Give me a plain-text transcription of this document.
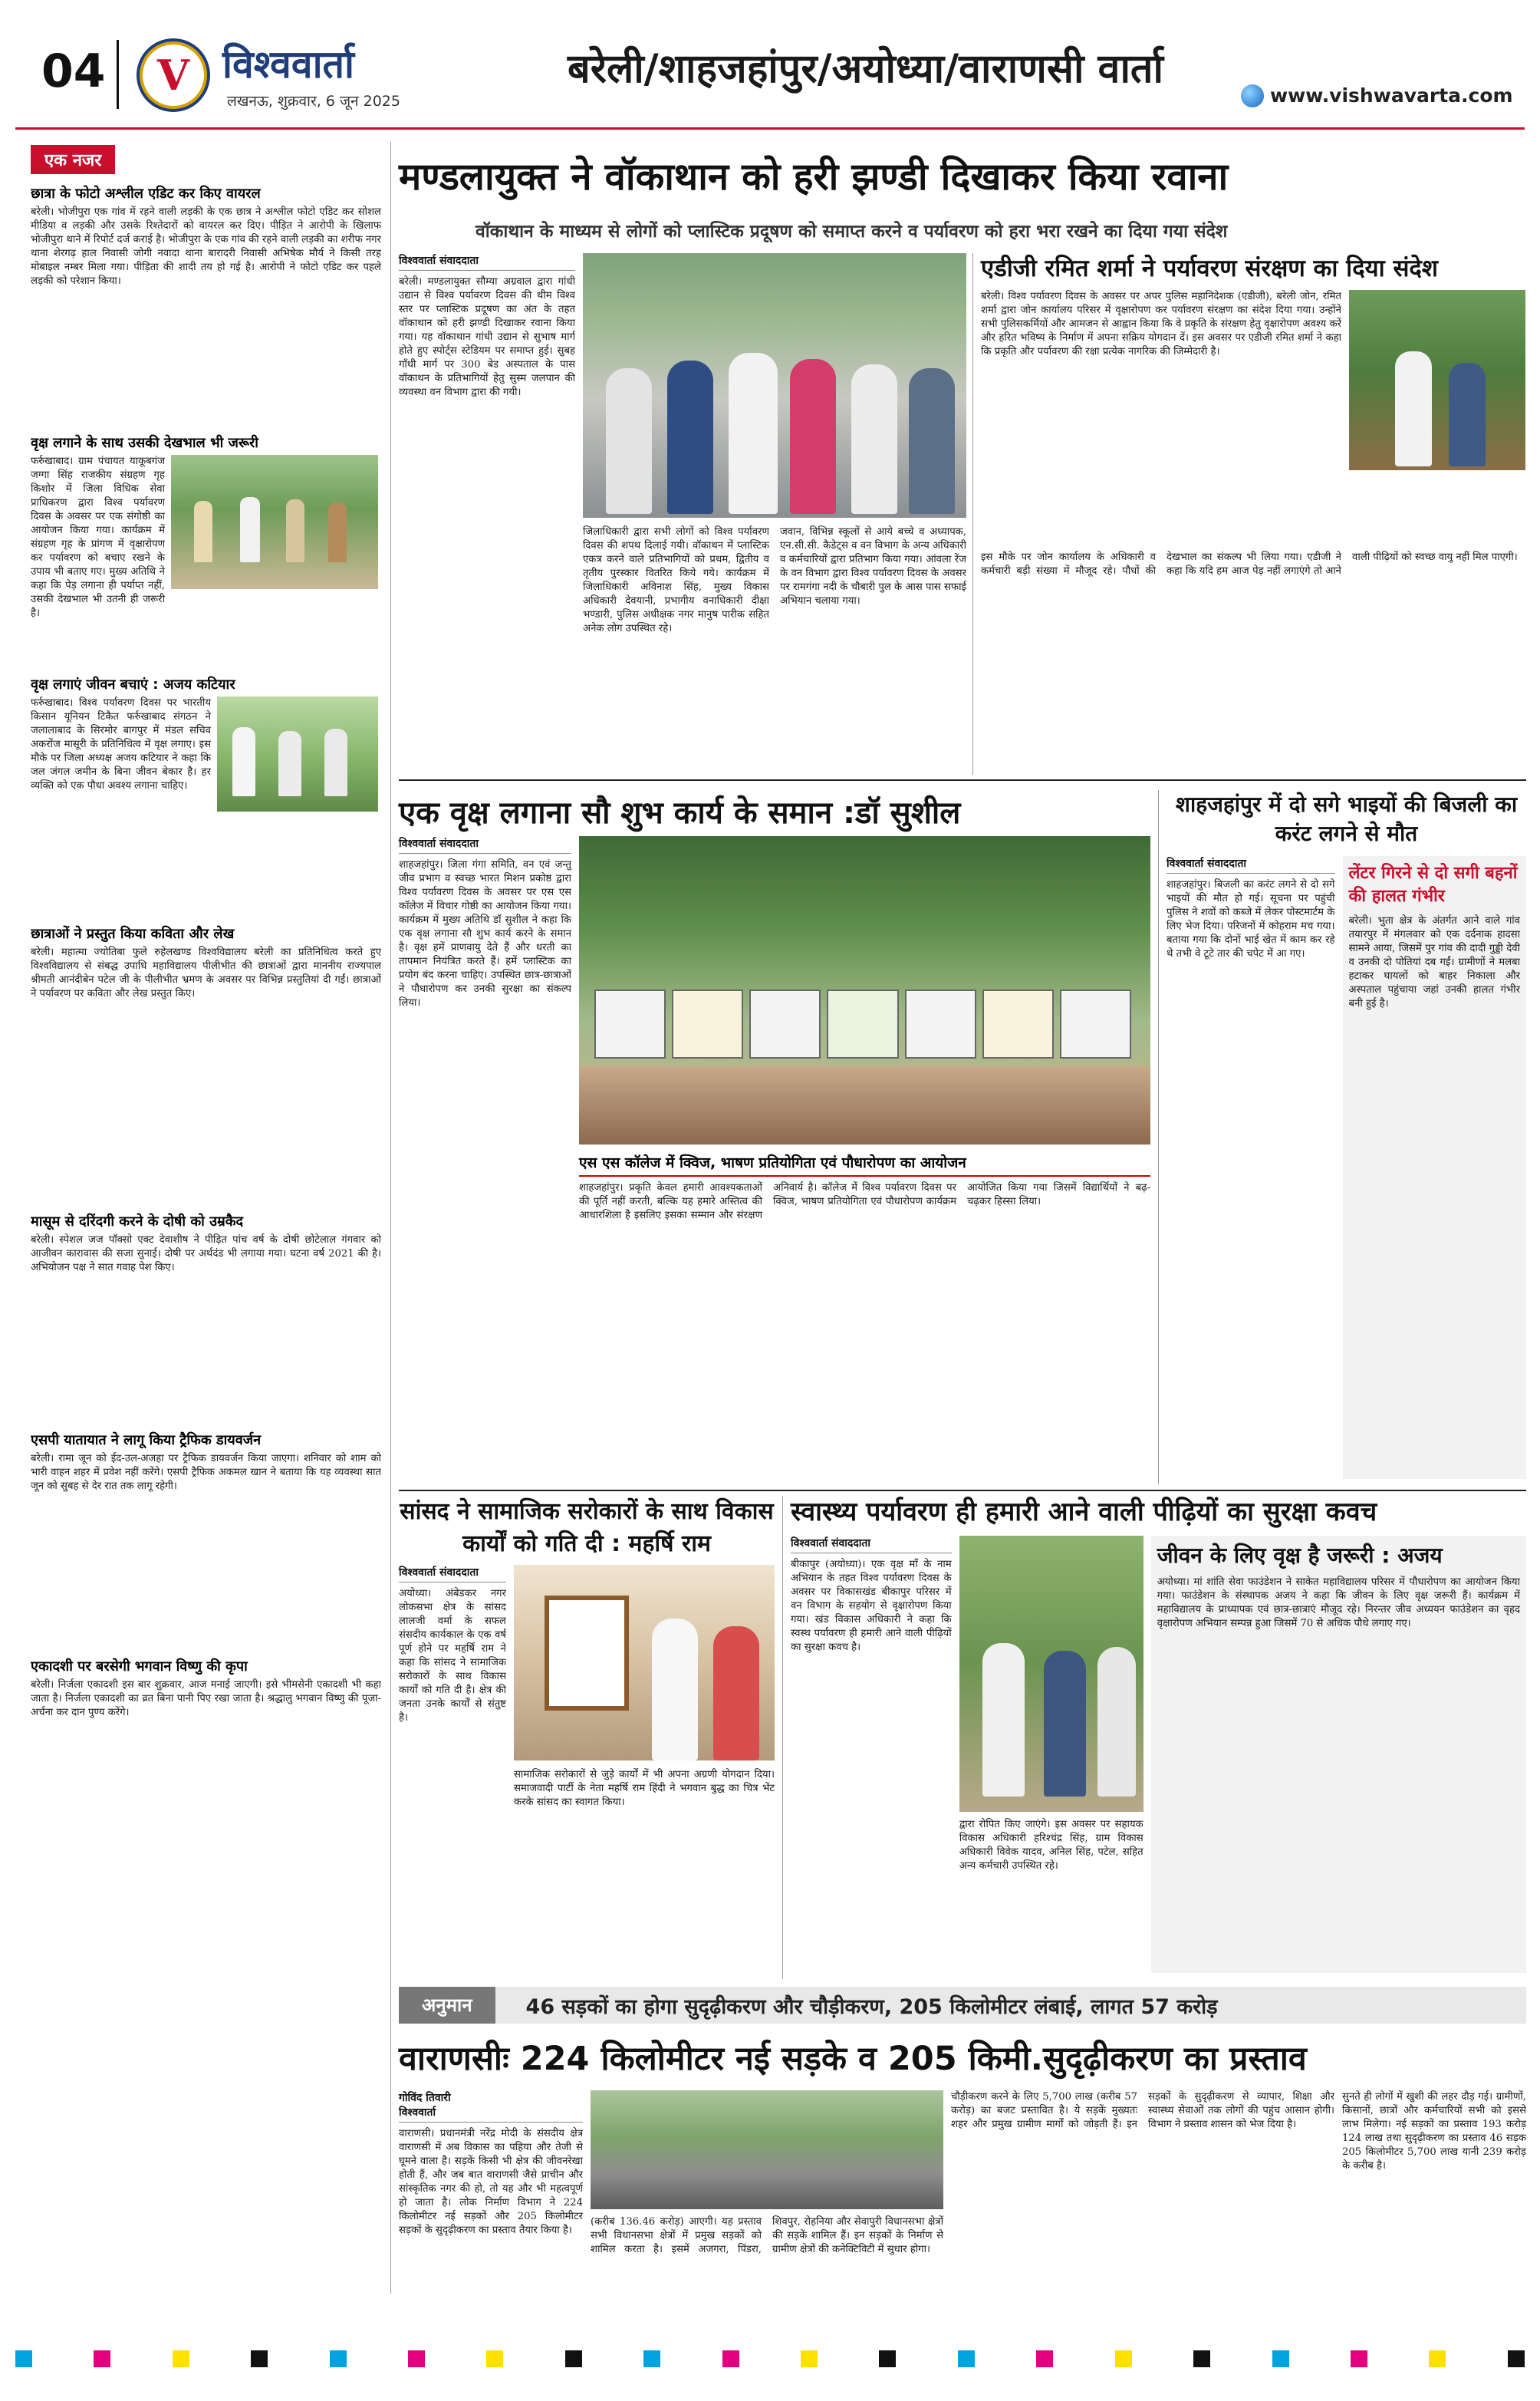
04 V विश्ववार्ता
लखनऊ, शुक्रवार, 6 जून 2025
बरेली/शाहजहांपुर/अयोध्या/वाराणसी वार्ता
www.vishwavarta.com
एक नजर
छात्रा के फोटो अश्लील एडिट कर किए वायरल
बरेली। भोजीपुरा एक गांव में रहने वाली लड़की के एक छात्र ने अश्लील फोटो एडिट कर सोशल मीडिया व लड़की और उसके रिश्तेदारों को वायरल कर दिए। पीड़ित ने आरोपी के खिलाफ भोजीपुरा थाने में रिपोर्ट दर्ज कराई है। भोजीपुरा के एक गांव की रहने वाली लड़की का शरीफ नगर थाना शेरगढ़ हाल निवासी जोगी नवादा थाना बारादरी निवासी अभिषेक मौर्य ने किसी तरह मोबाइल नम्बर मिला गया। पीड़िता की शादी तय हो गई है। आरोपी ने फोटो एडिट कर पहले लड़की को परेशान किया।
वृक्ष लगाने के साथ उसकी देखभाल भी जरूरी
फर्रुखाबाद। ग्राम पंचायत याकूबगंज जग्गा सिंह राजकीय संग्रहण गृह किशोर में जिला विधिक सेवा प्राधिकरण द्वारा विश्व पर्यावरण दिवस के अवसर पर एक संगोष्ठी का आयोजन किया गया। कार्यक्रम में संग्रहण गृह के प्रांगण में वृक्षारोपण कर पर्यावरण को बचाए रखने के उपाय भी बताए गए। मुख्य अतिथि ने कहा कि पेड़ लगाना ही पर्याप्त नहीं, उसकी देखभाल भी उतनी ही जरूरी है।
वृक्ष लगाएं जीवन बचाएं : अजय कटियार
फर्रुखाबाद। विश्व पर्यावरण दिवस पर भारतीय किसान यूनियन टिकैत फर्रुखाबाद संगठन ने जलालाबाद के सिरमोर बागपुर में मंडल सचिव अकरोंज मासूरी के प्रतिनिधित्व में वृक्ष लगाए। इस मौके पर जिला अध्यक्ष अजय कटियार ने कहा कि जल जंगल जमीन के बिना जीवन बेकार है। हर व्यक्ति को एक पौधा अवश्य लगाना चाहिए।
छात्राओं ने प्रस्तुत किया कविता और लेख
बरेली। महात्मा ज्योतिबा फुले रुहेलखण्ड विश्वविद्यालय बरेली का प्रतिनिधित्व करते हुए विश्वविद्यालय से संबद्ध उपाधि महाविद्यालय पीलीभीत की छात्राओं द्वारा माननीय राज्यपाल श्रीमती आनंदीबेन पटेल जी के पीलीभीत भ्रमण के अवसर पर विभिन्न प्रस्तुतियां दी गईं। छात्राओं ने पर्यावरण पर कविता और लेख प्रस्तुत किए।
मासूम से दरिंदगी करने के दोषी को उम्रकैद
बरेली। स्पेशल जज पॉक्सो एक्ट देवाशीष ने पीड़ित पांच वर्ष के दोषी छोटेलाल गंगवार को आजीवन कारावास की सजा सुनाई। दोषी पर अर्थदंड भी लगाया गया। घटना वर्ष 2021 की है। अभियोजन पक्ष ने सात गवाह पेश किए।
एसपी यातायात ने लागू किया ट्रैफिक डायवर्जन
बरेली। रामा जून को ईद-उल-अजहा पर ट्रैफिक डायवर्जन किया जाएगा। शनिवार को शाम को भारी वाहन शहर में प्रवेश नहीं करेंगे। एसपी ट्रैफिक अकमल खान ने बताया कि यह व्यवस्था सात जून को सुबह से देर रात तक लागू रहेगी।
एकादशी पर बरसेगी भगवान विष्णु की कृपा
बरेली। निर्जला एकादशी इस बार शुक्रवार, आज मनाई जाएगी। इसे भीमसेनी एकादशी भी कहा जाता है। निर्जला एकादशी का व्रत बिना पानी पिए रखा जाता है। श्रद्धालु भगवान विष्णु की पूजा-अर्चना कर दान पुण्य करेंगे।
मण्डलायुक्त ने वॉकाथान को हरी झण्डी दिखाकर किया रवाना
वॉकाथान के माध्यम से लोगों को प्लास्टिक प्रदूषण को समाप्त करने व पर्यावरण को हरा भरा रखने का दिया गया संदेश
विश्ववार्ता संवाददाता
बरेली। मण्डलायुक्त सौम्या अग्रवाल द्वारा गांधी उद्यान से विश्व पर्यावरण दिवस की थीम विश्व स्तर पर प्लास्टिक प्रदूषण का अंत के तहत वॉकाथान को हरी झण्डी दिखाकर रवाना किया गया। यह वॉकाथान गांधी उद्यान से सुभाष मार्ग होते हुए स्पोर्ट्स स्टेडियम पर समाप्त हुई। सुबह गाँधी मार्ग पर 300 बेड अस्पताल के पास वॉकाथन के प्रतिभागियों हेतु सुस्म जलपान की व्यवस्था वन विभाग द्वारा की गयी।
जिलाधिकारी द्वारा सभी लोगों को विश्व पर्यावरण दिवस की शपथ दिलाई गयी। वॉकाथन में प्लास्टिक एकत्र करने वाले प्रतिभागियों को प्रथम, द्वितीय व तृतीय पुरस्कार वितरित किये गये। कार्यक्रम में जिलाधिकारी अविनाश सिंह, मुख्य विकास अधिकारी देवयानी, प्रभागीय वनाधिकारी दीक्षा भण्डारी, पुलिस अधीक्षक नगर मानुष पारीक सहित अनेक लोग उपस्थित रहे।
जवान, विभिन्न स्कूलों से आये बच्चे व अध्यापक, एन.सी.सी. कैडेट्स व वन विभाग के अन्य अधिकारी व कर्मचारियों द्वारा प्रतिभाग किया गया। आंवला रेंज के वन विभाग द्वारा विश्व पर्यावरण दिवस के अवसर पर रामगंगा नदी के चौबारी पुल के आस पास सफाई अभियान चलाया गया।
एडीजी रमित शर्मा ने पर्यावरण संरक्षण का दिया संदेश
बरेली। विश्व पर्यावरण दिवस के अवसर पर अपर पुलिस महानिदेशक (एडीजी), बरेली जोन, रमित शर्मा द्वारा जोन कार्यालय परिसर में वृक्षारोपण कर पर्यावरण संरक्षण का संदेश दिया गया। उन्होंने सभी पुलिसकर्मियों और आमजन से आह्वान किया कि वे प्रकृति के संरक्षण हेतु वृक्षारोपण अवश्य करें और हरित भविष्य के निर्माण में अपना सक्रिय योगदान दें। इस अवसर पर एडीजी रमित शर्मा ने कहा कि प्रकृति और पर्यावरण की रक्षा प्रत्येक नागरिक की जिम्मेदारी है।
इस मौके पर जोन कार्यालय के अधिकारी व कर्मचारी बड़ी संख्या में मौजूद रहे। पौधों की देखभाल का संकल्प भी लिया गया। एडीजी ने कहा कि यदि हम आज पेड़ नहीं लगाएंगे तो आने वाली पीढ़ियों को स्वच्छ वायु नहीं मिल पाएगी।
एक वृक्ष लगाना सौ शुभ कार्य के समान :डॉ सुशील
विश्ववार्ता संवाददाता
शाहजहांपुर। जिला गंगा समिति, वन एवं जन्तु जीव प्रभाग व स्वच्छ भारत मिशन प्रकोष्ठ द्वारा विश्व पर्यावरण दिवस के अवसर पर एस एस कॉलेज में विचार गोष्ठी का आयोजन किया गया। कार्यक्रम में मुख्य अतिथि डॉ सुशील ने कहा कि एक वृक्ष लगाना सौ शुभ कार्य करने के समान है। वृक्ष हमें प्राणवायु देते हैं और धरती का तापमान नियंत्रित करते हैं। हमें प्लास्टिक का प्रयोग बंद करना चाहिए। उपस्थित छात्र-छात्राओं ने पौधारोपण कर उनकी सुरक्षा का संकल्प लिया।
एस एस कॉलेज में क्विज, भाषण प्रतियोगिता एवं पौधारोपण का आयोजन
शाहजहांपुर। प्रकृति केवल हमारी आवश्यकताओं की पूर्ति नहीं करती, बल्कि यह हमारे अस्तित्व की आधारशिला है इसलिए इसका सम्मान और संरक्षण अनिवार्य है। कॉलेज में विश्व पर्यावरण दिवस पर क्विज, भाषण प्रतियोगिता एवं पौधारोपण कार्यक्रम आयोजित किया गया जिसमें विद्यार्थियों ने बढ़-चढ़कर हिस्सा लिया।
शाहजहांपुर में दो सगे भाइयों की बिजली का करंट लगने से मौत
विश्ववार्ता संवाददाता
शाहजहांपुर। बिजली का करंट लगने से दो सगे भाइयों की मौत हो गई। सूचना पर पहुंची पुलिस ने शवों को कब्जे में लेकर पोस्टमार्टम के लिए भेज दिया। परिजनों में कोहराम मच गया। बताया गया कि दोनों भाई खेत में काम कर रहे थे तभी वे टूटे तार की चपेट में आ गए।
लेंटर गिरने से दो सगी बहनों की हालत गंभीर
बरेली। भुता क्षेत्र के अंतर्गत आने वाले गांव तयारपुर में मंगलवार को एक दर्दनाक हादसा सामने आया, जिसमें पुर गांव की दादी गुड्डी देवी व उनकी दो पोतियां दब गईं। ग्रामीणों ने मलबा हटाकर घायलों को बाहर निकाला और अस्पताल पहुंचाया जहां उनकी हालत गंभीर बनी हुई है।
सांसद ने सामाजिक सरोकारों के साथ विकास कार्यों को गति दी : महर्षि राम
विश्ववार्ता संवाददाता
अयोध्या। अंबेडकर नगर लोकसभा क्षेत्र के सांसद लालजी वर्मा के सफल संसदीय कार्यकाल के एक वर्ष पूर्ण होने पर महर्षि राम ने कहा कि सांसद ने सामाजिक सरोकारों के साथ विकास कार्यों को गति दी है। क्षेत्र की जनता उनके कार्यों से संतुष्ट है।
सामाजिक सरोकारों से जुड़े कार्यों में भी अपना अग्रणी योगदान दिया। समाजवादी पार्टी के नेता महर्षि राम हिंदी ने भगवान बुद्ध का चित्र भेंट करके सांसद का स्वागत किया।
स्वास्थ्य पर्यावरण ही हमारी आने वाली पीढ़ियों का सुरक्षा कवच
विश्ववार्ता संवाददाता
बीकापुर (अयोध्या)। एक वृक्ष माँ के नाम अभियान के तहत विश्व पर्यावरण दिवस के अवसर पर विकासखंड बीकापुर परिसर में वन विभाग के सहयोग से वृक्षारोपण किया गया। खंड विकास अधिकारी ने कहा कि स्वस्थ पर्यावरण ही हमारी आने वाली पीढ़ियों का सुरक्षा कवच है।
द्वारा रोपित किए जाएंगे। इस अवसर पर सहायक विकास अधिकारी हरिश्चंद्र सिंह, ग्राम विकास अधिकारी विवेक यादव, अनिल सिंह, पटेल, सहित अन्य कर्मचारी उपस्थित रहे।
जीवन के लिए वृक्ष है जरूरी : अजय
अयोध्या। मां शांति सेवा फाउंडेशन ने साकेत महाविद्यालय परिसर में पौधारोपण का आयोजन किया गया। फाउंडेशन के संस्थापक अजय ने कहा कि जीवन के लिए वृक्ष जरूरी हैं। कार्यक्रम में महाविद्यालय के प्राध्यापक एवं छात्र-छात्राएं मौजूद रहे। निरन्तर जीव अध्ययन फाउंडेशन का वृहद वृक्षारोपण अभियान सम्पन्न हुआ जिसमें 70 से अधिक पौधे लगाए गए।
अनुमान	46 सड़कों का होगा सुदृढ़ीकरण और चौड़ीकरण, 205 किलोमीटर लंबाई, लागत 57 करोड़
वाराणसीः 224 किलोमीटर नई सड़के व 205 किमी.सुदृढ़ीकरण का प्रस्ताव
गोविंद तिवारी
विश्ववार्ता
वाराणसी। प्रधानमंत्री नरेंद्र मोदी के संसदीय क्षेत्र वाराणसी में अब विकास का पहिया और तेजी से घूमने वाला है। सड़कें किसी भी क्षेत्र की जीवनरेखा होती हैं, और जब बात वाराणसी जैसे प्राचीन और सांस्कृतिक नगर की हो, तो यह और भी महत्वपूर्ण हो जाता है। लोक निर्माण विभाग ने 224 किलोमीटर नई सड़कों और 205 किलोमीटर सड़कों के सुदृढ़ीकरण का प्रस्ताव तैयार किया है।
(करीब 136.46 करोड़) आएगी। यह प्रस्ताव सभी विधानसभा क्षेत्रों में प्रमुख सड़कों को शामिल करता है। इसमें अजगरा, पिंडरा, शिवपुर, रोहनिया और सेवापुरी विधानसभा क्षेत्रों की सड़कें शामिल हैं। इन सड़कों के निर्माण से ग्रामीण क्षेत्रों की कनेक्टिविटी में सुधार होगा।
चौड़ीकरण करने के लिए 5,700 लाख (करीब 57 करोड़) का बजट प्रस्तावित है। ये सड़कें मुख्यतः शहर और प्रमुख ग्रामीण मार्गों को जोड़ती हैं। इन सड़कों के सुदृढ़ीकरण से व्यापार, शिक्षा और स्वास्थ्य सेवाओं तक लोगों की पहुंच आसान होगी। विभाग ने प्रस्ताव शासन को भेज दिया है।
सुनते ही लोगों में खुशी की लहर दौड़ गई। ग्रामीणों, किसानों, छात्रों और कर्मचारियों सभी को इससे लाभ मिलेगा। नई सड़कों का प्रस्ताव 193 करोड़ 124 लाख तथा सुदृढ़ीकरण का प्रस्ताव 46 सड़क 205 किलोमीटर 5,700 लाख यानी 239 करोड़ के करीब है।
